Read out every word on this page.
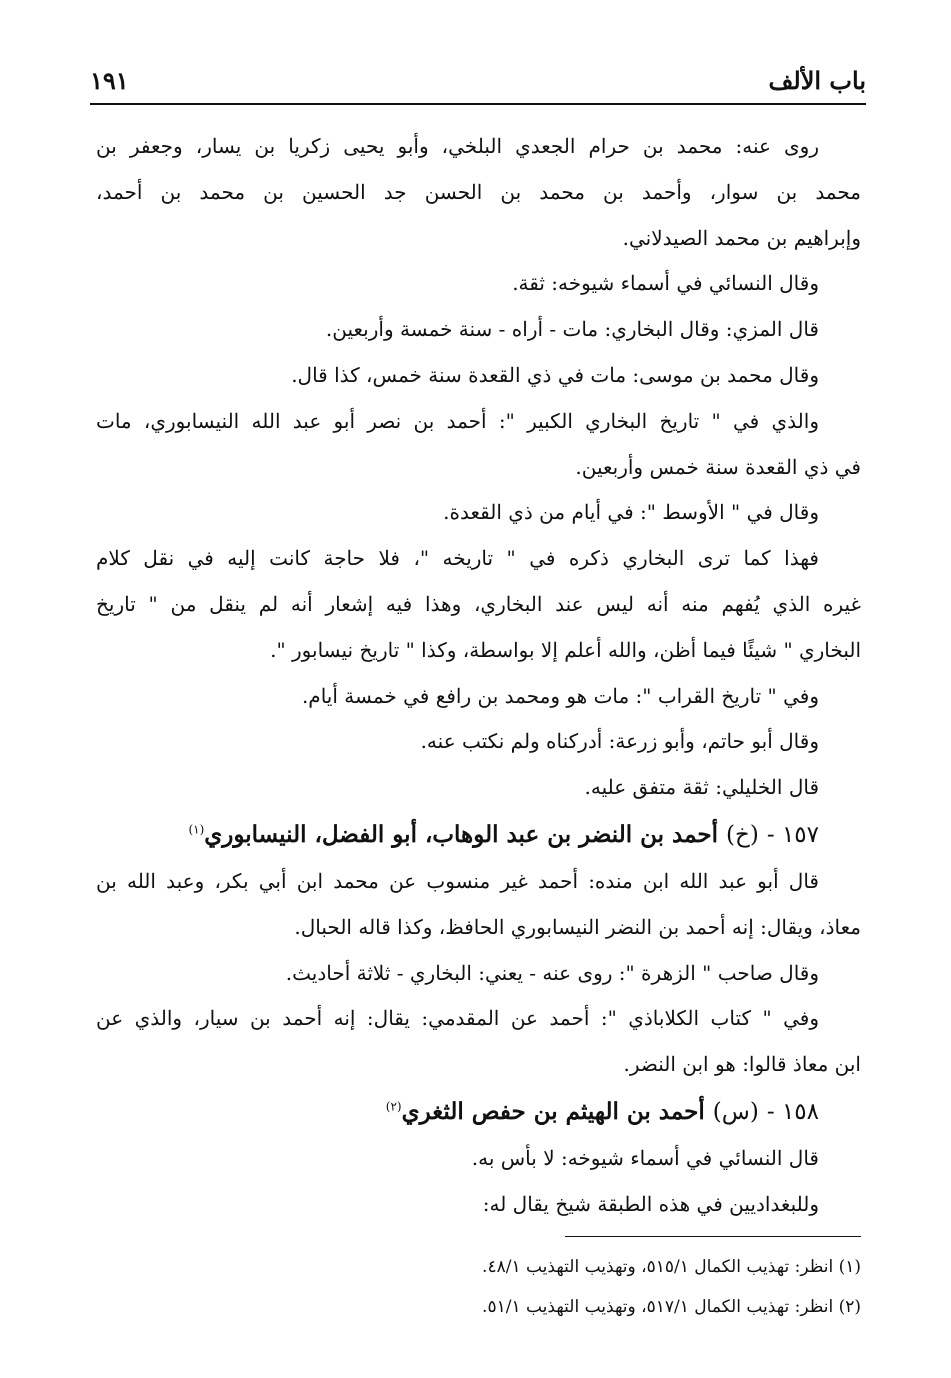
باب الألف
١٩١
روى عنه: محمد بن حرام الجعدي البلخي، وأبو يحيى زكريا بن يسار، وجعفر بن
محمد بن سوار، وأحمد بن محمد بن الحسن جد الحسين بن محمد بن أحمد،
وإبراهيم بن محمد الصيدلاني.
وقال النسائي في أسماء شيوخه: ثقة.
قال المزي: وقال البخاري: مات - أراه - سنة خمسة وأربعين.
وقال محمد بن موسى: مات في ذي القعدة سنة خمس، كذا قال.
والذي في " تاريخ البخاري الكبير ": أحمد بن نصر أبو عبد الله النيسابوري، مات
في ذي القعدة سنة خمس وأربعين.
وقال في " الأوسط ": في أيام من ذي القعدة.
فهذا كما ترى البخاري ذكره في " تاريخه "، فلا حاجة كانت إليه في نقل كلام
غيره الذي يُفهم منه أنه ليس عند البخاري، وهذا فيه إشعار أنه لم ينقل من " تاريخ
البخاري " شيئًا فيما أظن، والله أعلم إلا بواسطة، وكذا " تاريخ نيسابور ".
وفي " تاريخ القراب ": مات هو ومحمد بن رافع في خمسة أيام.
وقال أبو حاتم، وأبو زرعة: أدركناه ولم نكتب عنه.
قال الخليلي: ثقة متفق عليه.
١٥٧ - (خ) أحمد بن النضر بن عبد الوهاب، أبو الفضل، النيسابوري$^{(١)}$
قال أبو عبد الله ابن منده: أحمد غير منسوب عن محمد ابن أبي بكر، وعبد الله بن
معاذ، ويقال: إنه أحمد بن النضر النيسابوري الحافظ، وكذا قاله الحبال.
وقال صاحب " الزهرة ": روى عنه - يعني: البخاري - ثلاثة أحاديث.
وفي " كتاب الكلاباذي ": أحمد عن المقدمي: يقال: إنه أحمد بن سيار، والذي عن
ابن معاذ قالوا: هو ابن النضر.
١٥٨ - (س) أحمد بن الهيثم بن حفص الثغري$^{(٢)}$
قال النسائي في أسماء شيوخه: لا بأس به.
وللبغداديين في هذه الطبقة شيخ يقال له:
(١) انظر: تهذيب الكمال ٥١٥/١، وتهذيب التهذيب ٤٨/١.
(٢) انظر: تهذيب الكمال ٥١٧/١، وتهذيب التهذيب ٥١/١.
